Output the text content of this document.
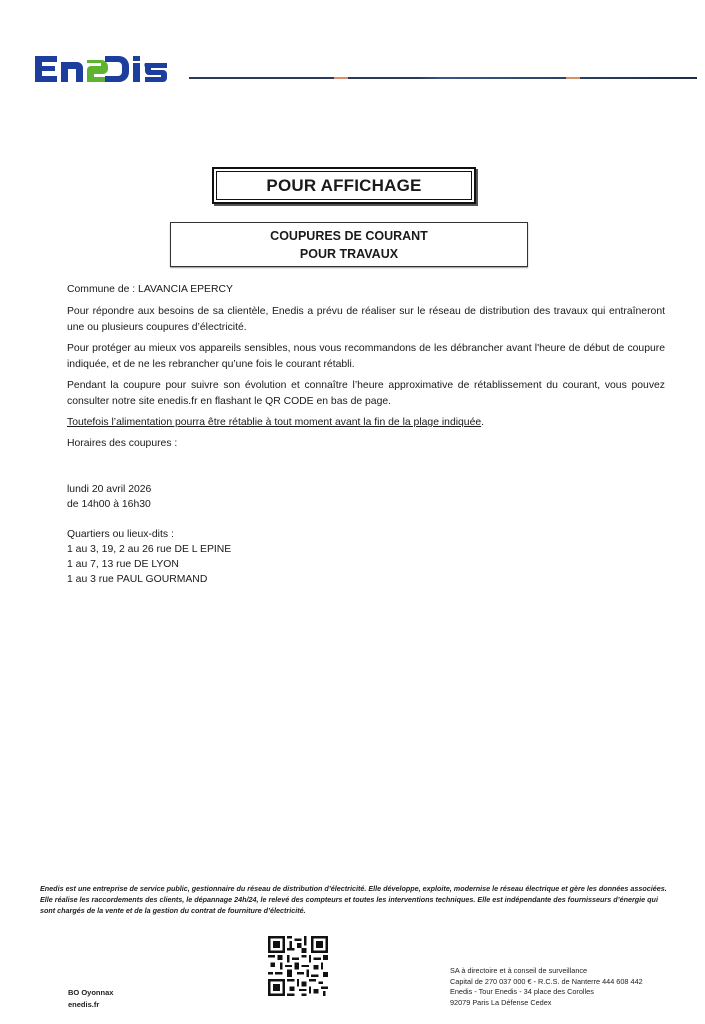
POUR AFFICHAGE
COUPURES DE COURANT
POUR TRAVAUX
Commune de : LAVANCIA EPERCY
Pour répondre aux besoins de sa clientèle, Enedis a prévu de réaliser sur le réseau de distribution des travaux qui entraîneront une ou plusieurs coupures d’électricité.
Pour protéger au mieux vos appareils sensibles, nous vous recommandons de les débrancher avant l'heure de début de coupure indiquée, et de ne les rebrancher qu’une fois le courant rétabli.
Pendant la coupure pour suivre son évolution et connaître l’heure approximative de rétablissement du courant, vous pouvez consulter notre site enedis.fr en flashant le QR CODE en bas de page.
Toutefois l’alimentation pourra être rétablie à tout moment avant la fin de la plage indiquée.
Horaires des coupures :
lundi 20 avril 2026
de 14h00 à 16h30
Quartiers ou lieux-dits :
1 au 3, 19, 2 au 26 rue DE L EPINE
1 au 7, 13 rue DE LYON
1 au 3 rue PAUL GOURMAND
Enedis est une entreprise de service public, gestionnaire du réseau de distribution d’électricité. Elle développe, exploite, modernise le réseau électrique et gère les données associées. Elle réalise les raccordements des clients, le dépannage 24h/24, le relevé des compteurs et toutes les interventions techniques. Elle est indépendante des fournisseurs d’énergie qui sont chargés de la vente et de la gestion du contrat de fourniture d’électricité.
BO Oyonnax
enedis.fr
SA à directoire et à conseil de surveillance
Capital de 270 037 000 € - R.C.S. de Nanterre 444 608 442
Enedis - Tour Enedis - 34 place des Corolles
92079 Paris La Défense Cedex
